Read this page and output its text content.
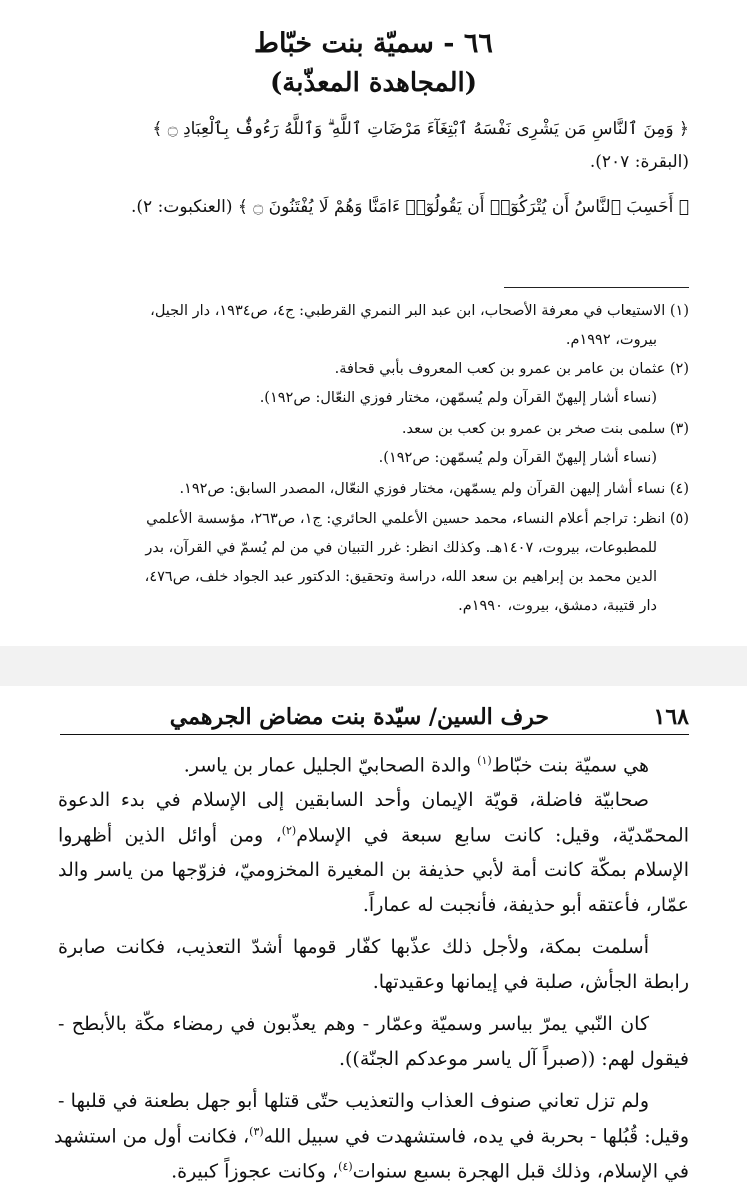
٦٦ - سميّة بنت خبّاط
(المجاهدة المعذّبة)
﴿ وَمِنَ ٱلنَّاسِ مَن يَشْرِى نَفْسَهُ ٱبْتِغَآءَ مَرْضَاتِ ٱللَّهِ ۗ وَٱللَّهُ رَءُوفٌۢ بِٱلْعِبَادِ ۝ ﴾
(البقرة: ٢٠٧).
﴿ أَحَسِبَ ٱلنَّاسُ أَن يُتْرَكُوٓا۟ أَن يَقُولُوٓا۟ ءَامَنَّا وَهُمْ لَا يُفْتَنُونَ ۝ ﴾ (العنكبوت: ٢).
(١) الاستيعاب في معرفة الأصحاب، ابن عبد البر النمري القرطبي: ج٤، ص١٩٣٤، دار الجيل،
بيروت، ١٩٩٢م.
(٢) عثمان بن عامر بن عمرو بن كعب المعروف بأبي قحافة.
(نساء أشار إليهنّ القرآن ولم يُسمّهن، مختار فوزي النعّال: ص١٩٢).
(٣) سلمى بنت صخر بن عمرو بن كعب بن سعد.
(نساء أشار إليهنّ القرآن ولم يُسمّهن: ص١٩٢).
(٤) نساء أشار إليهن القرآن ولم يسمّهن، مختار فوزي النعّال، المصدر السابق: ص١٩٢.
(٥) انظر: تراجم أعلام النساء، محمد حسين الأعلمي الحائري: ج١، ص٢٦٣، مؤسسة الأعلمي
للمطبوعات، بيروت، ١٤٠٧هـ. وكذلك انظر: غرر التبيان في من لم يُسمّ في القرآن، بدر
الدين محمد بن إبراهيم بن سعد الله، دراسة وتحقيق: الدكتور عبد الجواد خلف، ص٤٧٦،
دار قتيبة، دمشق، بيروت، ١٩٩٠م.
١٦٨
حرف السين/ سيّدة بنت مضاض الجرهمي
هي سميّة بنت خبّاط$^{(١)}$ والدة الصحابيّ الجليل عمار بن ياسر.
صحابيّة فاضلة، قويّة الإيمان وأحد السابقين إلى الإسلام في بدء الدعوة
المحمّديّة، وقيل: كانت سابع سبعة في الإسلام$^{(٢)}$، ومن أوائل الذين أظهروا
الإسلام بمكّة كانت أمة لأبي حذيفة بن المغيرة المخزوميّ، فزوّجها من ياسر والد
عمّار، فأعتقه أبو حذيفة، فأنجبت له عماراً.
أسلمت بمكة، ولأجل ذلك عذّبها كفّار قومها أشدّ التعذيب، فكانت صابرة
رابطة الجأش، صلبة في إيمانها وعقيدتها.
كان النّبي يمرّ بياسر وسميّة وعمّار - وهم يعذّبون في رمضاء مكّة بالأبطح -
فيقول لهم: ((صبراً آل ياسر موعدكم الجنّة)).
ولم تزل تعاني صنوف العذاب والتعذيب حتّى قتلها أبو جهل بطعنة في قلبها -
وقيل: قُبُلها - بحربة في يده، فاستشهدت في سبيل الله$^{(٣)}$، فكانت أول من استشهد
في الإسلام، وذلك قبل الهجرة بسبع سنوات$^{(٤)}$، وكانت عجوزاً كبيرة.
